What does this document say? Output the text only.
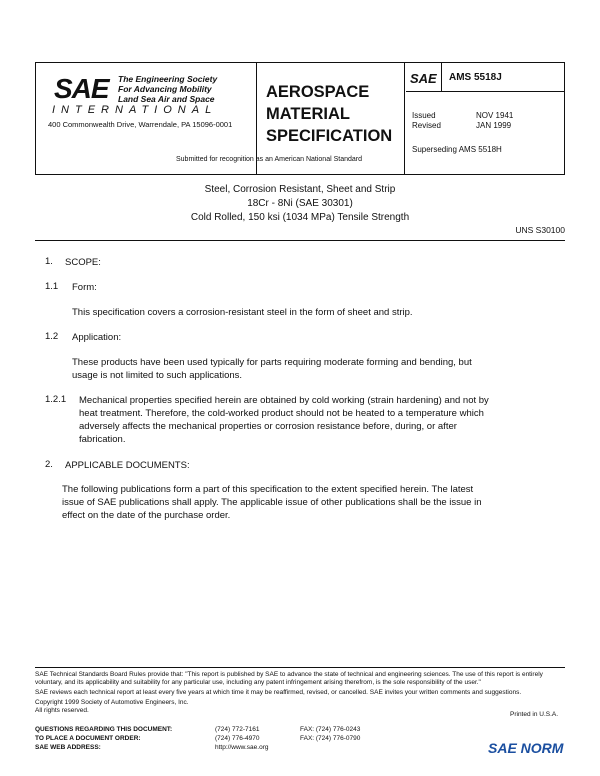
SAE The Engineering Society
For Advancing Mobility
Land Sea Air and Space
INTERNATIONAL
400 Commonwealth Drive, Warrendale, PA 15096-0001
Submitted for recognition as an American National Standard
AEROSPACE
MATERIAL
SPECIFICATION
SAE AMS 5518J
Issued	NOV 1941
Revised	JAN 1999
Superseding AMS 5518H
Steel, Corrosion Resistant, Sheet and Strip
18Cr - 8Ni (SAE 30301)
Cold Rolled, 150 ksi (1034 MPa) Tensile Strength
UNS S30100
1. SCOPE:
1.1 Form:
This specification covers a corrosion-resistant steel in the form of sheet and strip.
1.2 Application:
These products have been used typically for parts requiring moderate forming and bending, but
usage is not limited to such applications.
1.2.1 Mechanical properties specified herein are obtained by cold working (strain hardening) and not by
heat treatment. Therefore, the cold-worked product should not be heated to a temperature which
adversely affects the mechanical properties or corrosion resistance before, during, or after
fabrication.
2. APPLICABLE DOCUMENTS:
The following publications form a part of this specification to the extent specified herein. The latest
issue of SAE publications shall apply. The applicable issue of other publications shall be the issue in
effect on the date of the purchase order.
SAE Technical Standards Board Rules provide that: "This report is published by SAE to advance the state of technical and engineering sciences. The use of this report is entirely
voluntary, and its applicability and suitability for any particular use, including any patent infringement arising therefrom, is the sole responsibility of the user."
SAE reviews each technical report at least every five years at which time it may be reaffirmed, revised, or cancelled. SAE invites your written comments and suggestions.
Copyright 1999 Society of Automotive Engineers, Inc.
All rights reserved.
Printed in U.S.A.
QUESTIONS REGARDING THIS DOCUMENT:
TO PLACE A DOCUMENT ORDER:
SAE WEB ADDRESS:
(724) 772-7161
(724) 776-4970
http://www.sae.org
FAX: (724) 776-0243
FAX: (724) 776-0790
SAE NORM
